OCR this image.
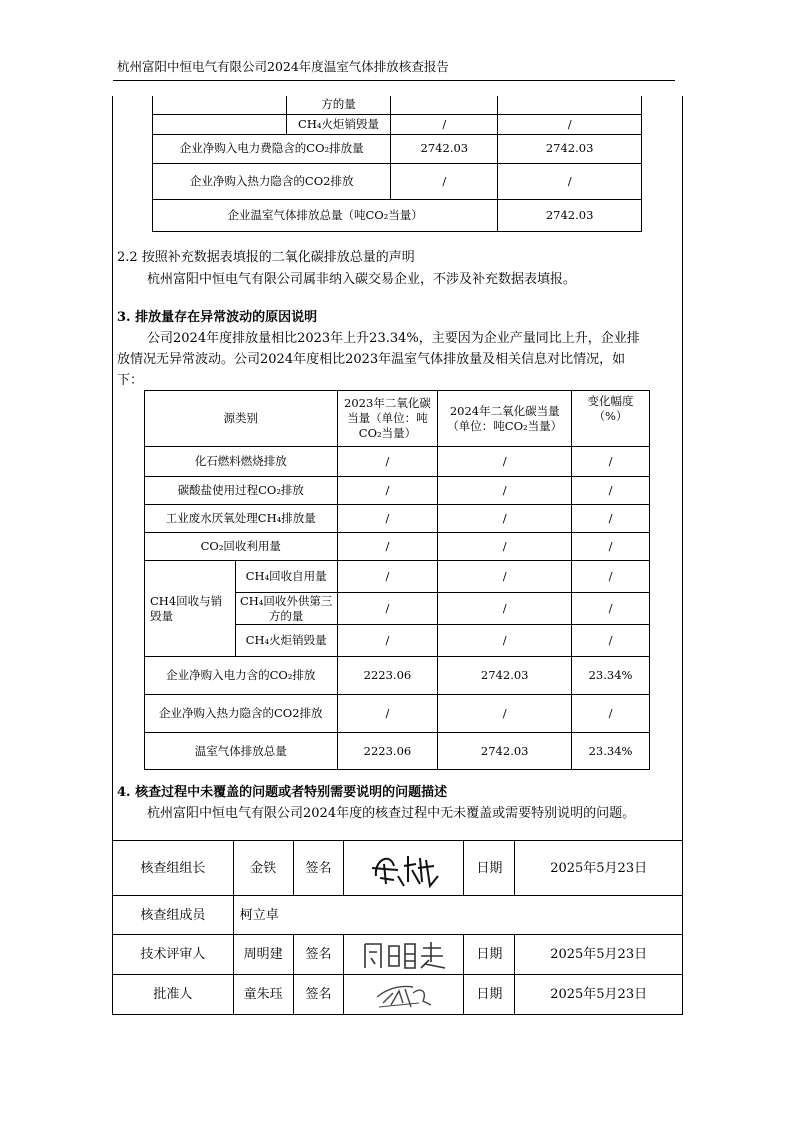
杭州富阳中恒电气有限公司2024年度温室气体排放核查报告

	方的量		
	CH₄火炬销毁量	/	/
企业净购入电力费隐含的CO₂排放量		2742.03	2742.03
企业净购入热力隐含的CO2排放		/	/
企业温室气体排放总量（吨CO₂当量）			2742.03

2.2 按照补充数据表填报的二氧化碳排放总量的声明

杭州富阳中恒电气有限公司属非纳入碳交易企业，不涉及补充数据表填报。

3. 排放量存在异常波动的原因说明

公司2024年度排放量相比2023年上升23.34%，主要因为企业产量同比上升，企业排

放情况无异常波动。公司2024年度相比2023年温室气体排放量及相关信息对比情况，如

下：

源类别		2023年二氧化碳当量（单位：吨CO₂当量）	2024年二氧化碳当量（单位：吨CO₂当量）	变化幅度（%）
化石燃料燃烧排放		/	/	/
碳酸盐使用过程CO₂排放		/	/	/
工业废水厌氧处理CH₄排放量		/	/	/
CO₂回收利用量		/	/	/
CH4回收与销毁量	CH₄回收自用量	/	/	/
	CH₄回收外供第三方的量	/	/	/
	CH₄火炬销毁量	/	/	/
企业净购入电力含的CO₂排放		2223.06	2742.03	23.34%
企业净购入热力隐含的CO2排放		/	/	/
温室气体排放总量		2223.06	2742.03	23.34%

4. 核查过程中未覆盖的问题或者特别需要说明的问题描述

杭州富阳中恒电气有限公司2024年度的核查过程中无未覆盖或需要特别说明的问题。

核查组组长	金铁	签名		日期	2025年5月23日
核查组成员	柯立卓				
技术评审人	周明建	签名		日期	2025年5月23日
批准人	童朱珏	签名		日期	2025年5月23日
